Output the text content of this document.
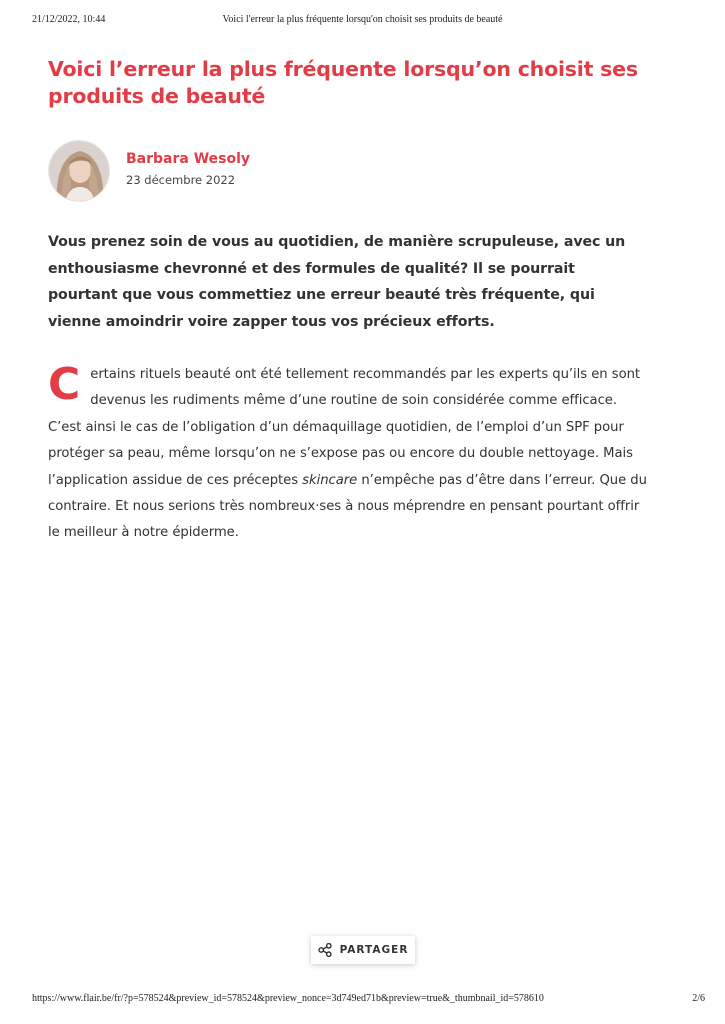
21/12/2022, 10:44	Voici l'erreur la plus fréquente lorsqu'on choisit ses produits de beauté
Voici l’erreur la plus fréquente lorsqu’on choisit ses produits de beauté
Barbara Wesoly
23 décembre 2022

Vous prenez soin de vous au quotidien, de manière scrupuleuse, avec un enthousiasme chevronné et des formules de qualité? Il se pourrait pourtant que vous commettiez une erreur beauté très fréquente, qui vienne amoindrir voire zapper tous vos précieux efforts.

Certains rituels beauté ont été tellement recommandés par les experts qu’ils en sont devenus les rudiments même d’une routine de soin considérée comme efficace. C’est ainsi le cas de l’obligation d’un démaquillage quotidien, de l’emploi d’un SPF pour protéger sa peau, même lorsqu’on ne s’expose pas ou encore du double nettoyage. Mais l’application assidue de ces préceptes skincare n’empêche pas d’être dans l’erreur. Que du contraire. Et nous serions très nombreux·ses à nous méprendre en pensant pourtant offrir le meilleur à notre épiderme.

PARTAGER
https://www.flair.be/fr/?p=578524&preview_id=578524&preview_nonce=3d749ed71b&preview=true&_thumbnail_id=578610	2/6
